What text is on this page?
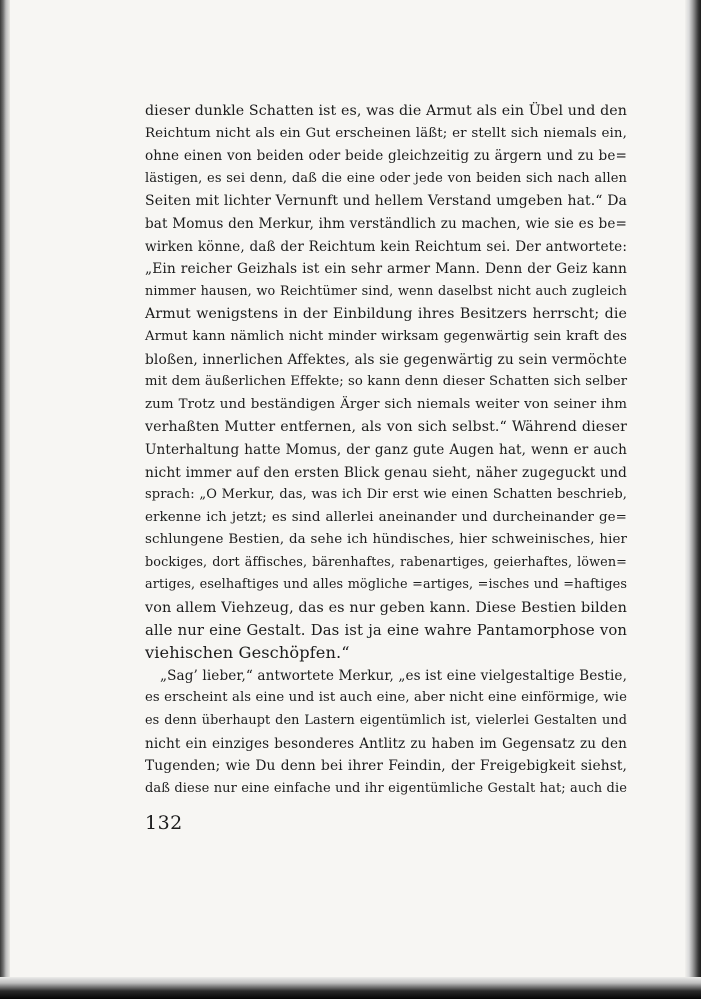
dieser dunkle Schatten ist es, was die Armut als ein Übel und den
Reichtum nicht als ein Gut erscheinen läßt; er stellt sich niemals ein,
ohne einen von beiden oder beide gleichzeitig zu ärgern und zu be=
lästigen, es sei denn, daß die eine oder jede von beiden sich nach allen
Seiten mit lichter Vernunft und hellem Verstand umgeben hat.“ Da
bat Momus den Merkur, ihm verständlich zu machen, wie sie es be=
wirken könne, daß der Reichtum kein Reichtum sei. Der antwortete:
„Ein reicher Geizhals ist ein sehr armer Mann. Denn der Geiz kann
nimmer hausen, wo Reichtümer sind, wenn daselbst nicht auch zugleich
Armut wenigstens in der Einbildung ihres Besitzers herrscht; die
Armut kann nämlich nicht minder wirksam gegenwärtig sein kraft des
bloßen, innerlichen Affektes, als sie gegenwärtig zu sein vermöchte
mit dem äußerlichen Effekte; so kann denn dieser Schatten sich selber
zum Trotz und beständigen Ärger sich niemals weiter von seiner ihm
verhaßten Mutter entfernen, als von sich selbst.“ Während dieser
Unterhaltung hatte Momus, der ganz gute Augen hat, wenn er auch
nicht immer auf den ersten Blick genau sieht, näher zugeguckt und
sprach: „O Merkur, das, was ich Dir erst wie einen Schatten beschrieb,
erkenne ich jetzt; es sind allerlei aneinander und durcheinander ge=
schlungene Bestien, da sehe ich hündisches, hier schweinisches, hier
bockiges, dort äffisches, bärenhaftes, rabenartiges, geierhaftes, löwen=
artiges, eselhaftiges und alles mögliche =artiges, =isches und =haftiges
von allem Viehzeug, das es nur geben kann. Diese Bestien bilden
alle nur eine Gestalt. Das ist ja eine wahre Pantamorphose von
viehischen Geschöpfen.“
„Sag’ lieber,“ antwortete Merkur, „es ist eine vielgestaltige Bestie,
es erscheint als eine und ist auch eine, aber nicht eine einförmige, wie
es denn überhaupt den Lastern eigentümlich ist, vielerlei Gestalten und
nicht ein einziges besonderes Antlitz zu haben im Gegensatz zu den
Tugenden; wie Du denn bei ihrer Feindin, der Freigebigkeit siehst,
daß diese nur eine einfache und ihr eigentümliche Gestalt hat; auch die
132
